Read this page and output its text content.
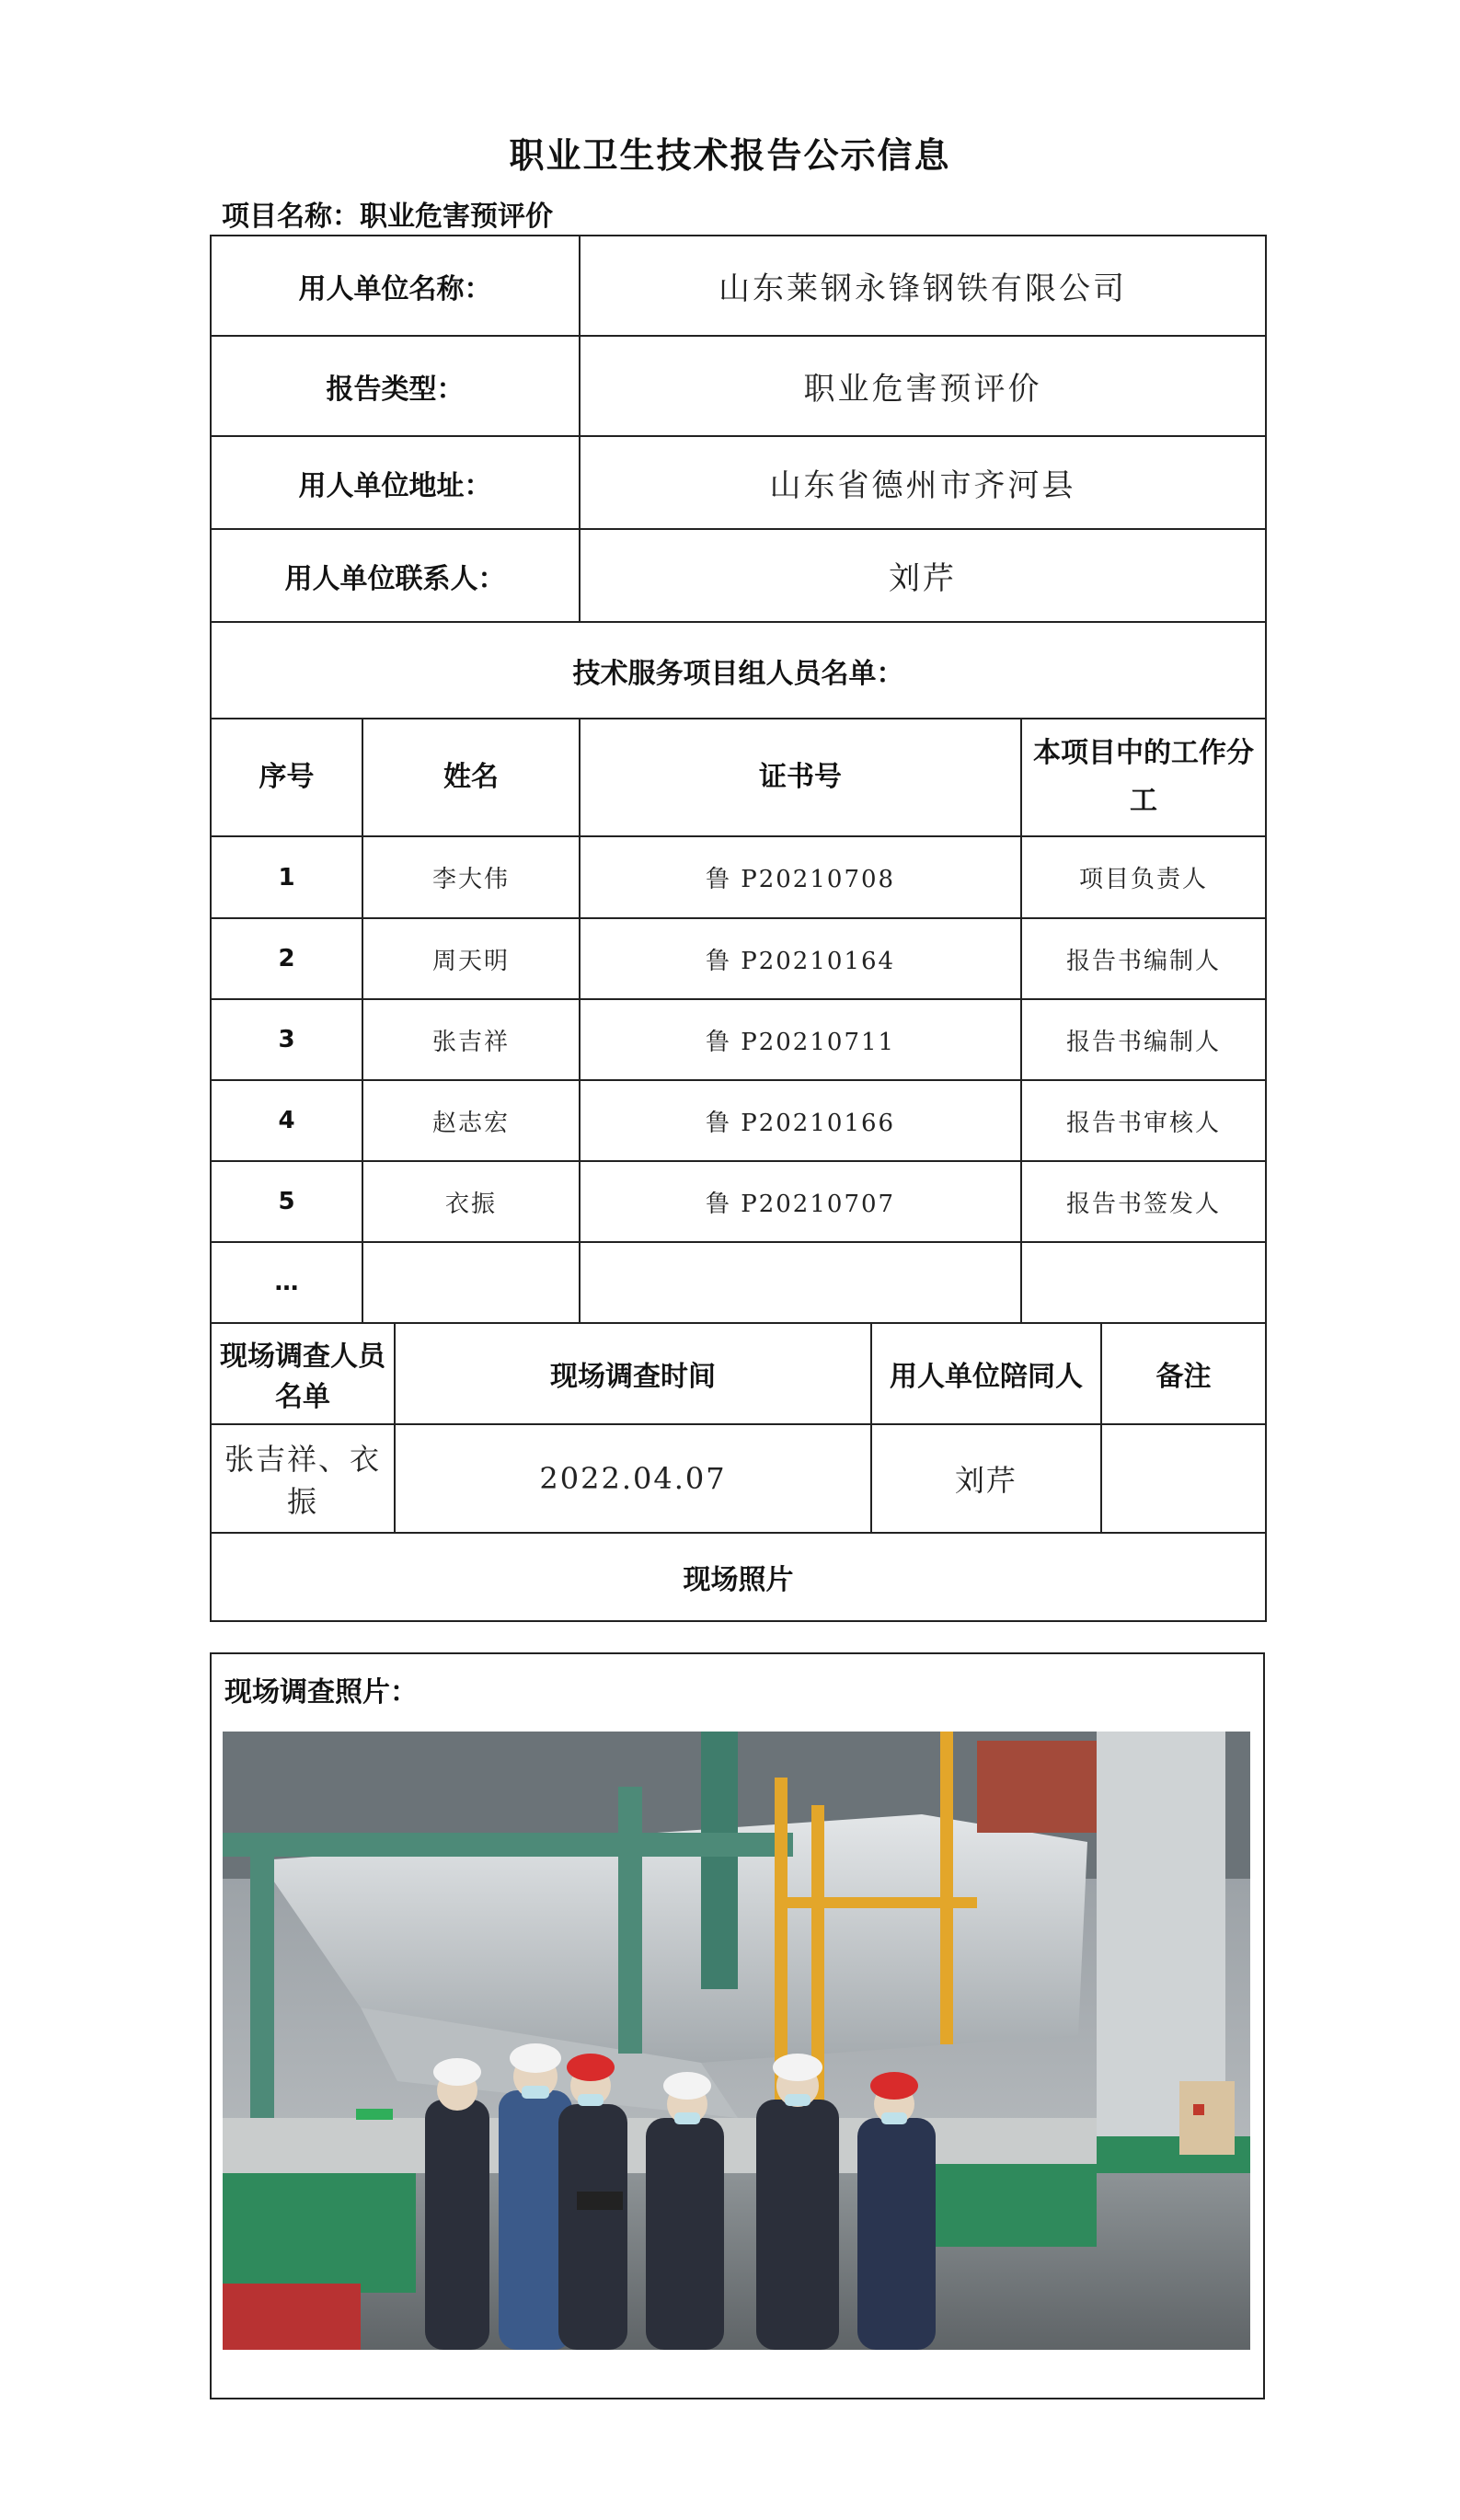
职业卫生技术报告公示信息
项目名称：职业危害预评价
用人单位名称：			山东莱钢永锋钢铁有限公司			
报告类型：			职业危害预评价			
用人单位地址：			山东省德州市齐河县			
用人单位联系人：			刘芹			
技术服务项目组人员名单：						
序号	姓名		证书号		本项目中的工作分工	
1	李大伟		鲁 P20210708		项目负责人	
2	周天明		鲁 P20210164		报告书编制人	
3	张吉祥		鲁 P20210711		报告书编制人	
4	赵志宏		鲁 P20210166		报告书审核人	
5	衣振		鲁 P20210707		报告书签发人	
…						
现场调查人员名单		现场调查时间		用人单位陪同人		备注
张吉祥、衣振		2022.04.07		刘芹		
现场照片						
现场调查照片：
